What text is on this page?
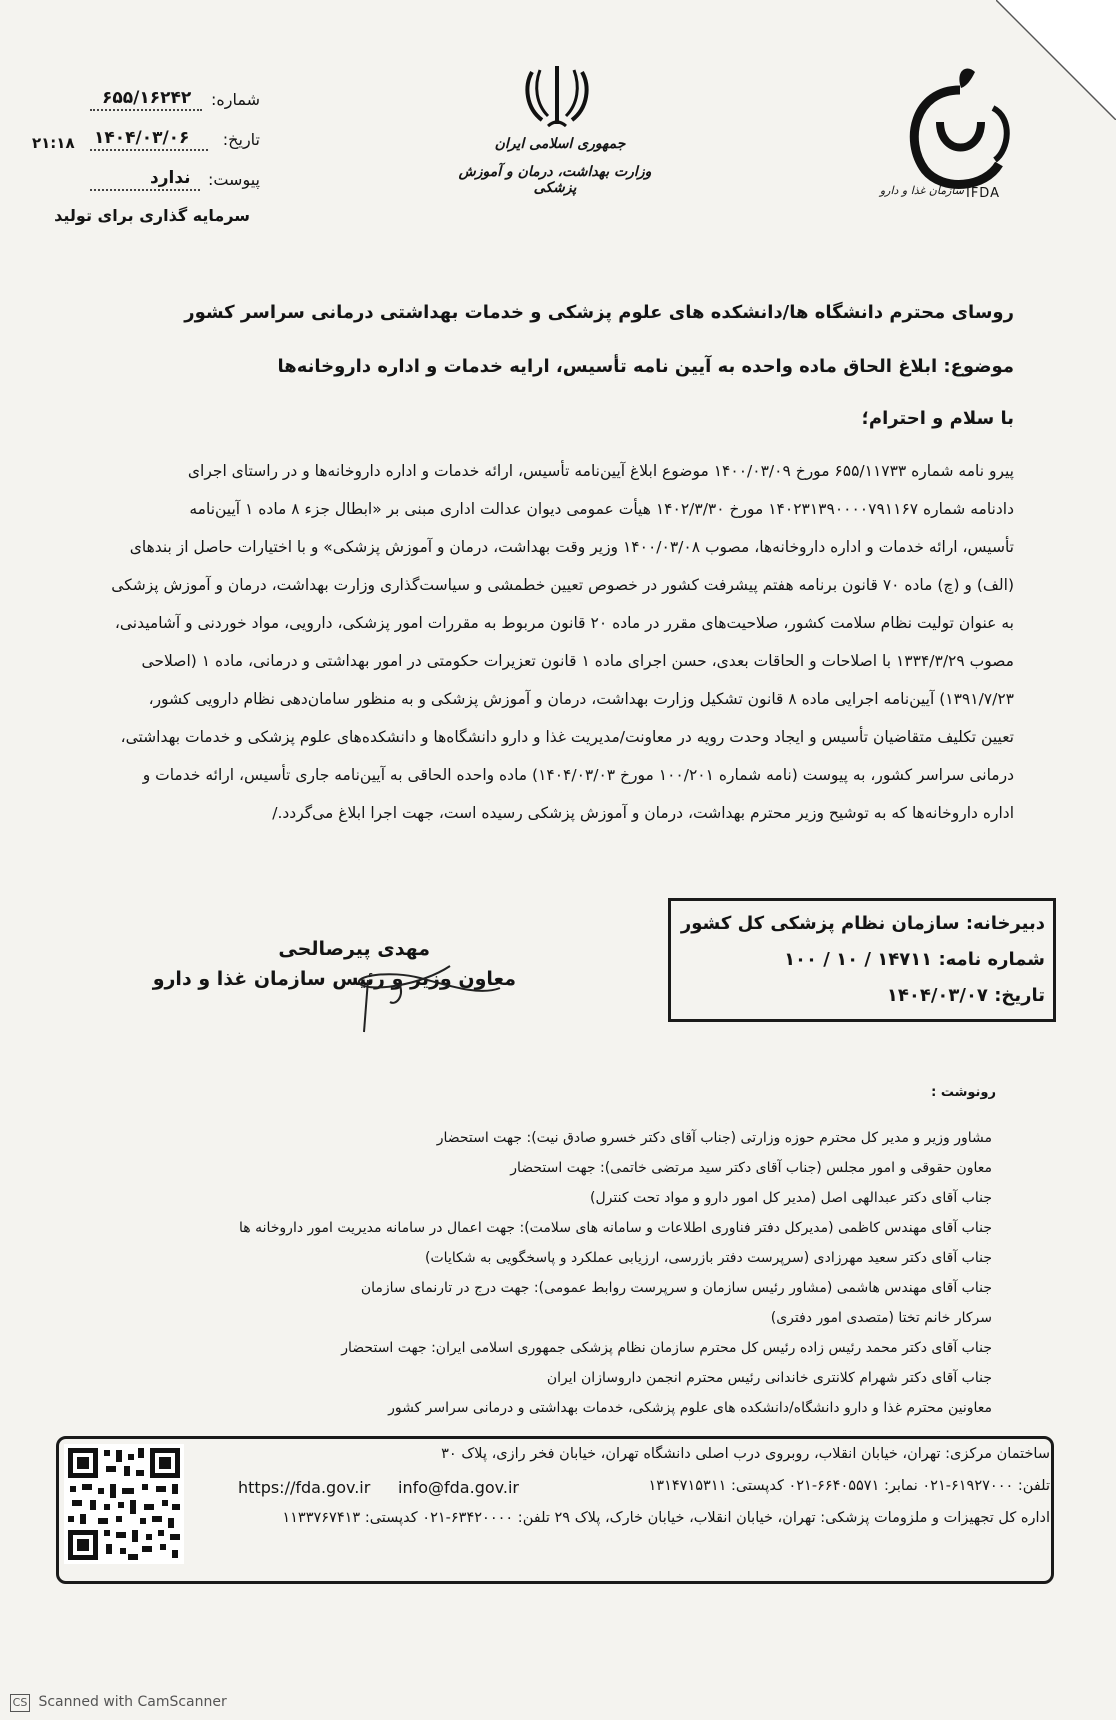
شماره:
۶۵۵/۱۶۲۴۲
تاریخ:
۱۴۰۴/۰۳/۰۶
۲۱:۱۸
پیوست:
ندارد
سرمایه گذاری برای تولید
جمهوری اسلامی ایران
وزارت بهداشت، درمان و آموزش پزشکی	سازمان غذا و دارو IFDA
روسای محترم دانشگاه ها/دانشکده های علوم پزشکی و خدمات بهداشتی درمانی سراسر کشور
موضوع: ابلاغ الحاق ماده واحده به آیین نامه تأسیس، ارایه خدمات و اداره داروخانه‌ها
با سلام و احترام؛
پیرو نامه شماره ۶۵۵/۱۱۷۳۳ مورخ ۱۴۰۰/۰۳/۰۹ موضوع ابلاغ آیین‌نامه تأسیس، ارائه خدمات و اداره داروخانه‌ها و در راستای اجرای
دادنامه شماره ۱۴۰۲۳۱۳۹۰۰۰۰۷۹۱۱۶۷ مورخ ۱۴۰۲/۳/۳۰ هیأت عمومی دیوان عدالت اداری مبنی بر «ابطال جزء ۸ ماده ۱ آیین‌نامه
تأسیس، ارائه خدمات و اداره داروخانه‌ها، مصوب ۱۴۰۰/۰۳/۰۸ وزیر وقت بهداشت، درمان و آموزش پزشکی» و با اختیارات حاصل از بندهای
(الف) و (چ) ماده ۷۰ قانون برنامه هفتم پیشرفت کشور در خصوص تعیین خطمشی و سیاست‌گذاری وزارت بهداشت، درمان و آموزش پزشکی
به عنوان تولیت نظام سلامت کشور، صلاحیت‌های مقرر در ماده ۲۰ قانون مربوط به مقررات امور پزشکی، دارویی، مواد خوردنی و آشامیدنی،
مصوب ۱۳۳۴/۳/۲۹ با اصلاحات و الحاقات بعدی، حسن اجرای ماده ۱ قانون تعزیرات حکومتی در امور بهداشتی و درمانی، ماده ۱ (اصلاحی
۱۳۹۱/۷/۲۳) آیین‌نامه اجرایی ماده ۸ قانون تشکیل وزارت بهداشت، درمان و آموزش پزشکی و به منظور سامان‌دهی نظام دارویی کشور،
تعیین تکلیف متقاضیان تأسیس و ایجاد وحدت رویه در معاونت/مدیریت غذا و دارو دانشگاه‌ها و دانشکده‌های علوم پزشکی و خدمات بهداشتی،
درمانی سراسر کشور، به پیوست (نامه شماره ۱۰۰/۲۰۱ مورخ ۱۴۰۴/۰۳/۰۳) ماده واحده الحاقی به آیین‌نامه جاری تأسیس، ارائه خدمات و
اداره داروخانه‌ها که به توشیح وزیر محترم بهداشت، درمان و آموزش پزشکی رسیده است، جهت اجرا ابلاغ می‌گردد./
مهدی پیرصالحی
معاون وزیر و رئیس سازمان غذا و دارو
دبیرخانه: سازمان نظام پزشکی کل کشور
شماره نامه: ۱۴۷۱۱ / ۱۰ / ۱۰۰
تاریخ: ۱۴۰۴/۰۳/۰۷
رونوشت :
مشاور وزیر و مدیر کل محترم حوزه وزارتی (جناب آقای دکتر خسرو صادق نیت): جهت استحضار
معاون حقوقی و امور مجلس (جناب آقای دکتر سید مرتضی خاتمی): جهت استحضار
جناب آقای دکتر عبدالهی اصل (مدیر کل امور دارو و مواد تحت کنترل)
جناب آقای مهندس کاظمی (مدیرکل دفتر فناوری اطلاعات و سامانه های سلامت): جهت اعمال در سامانه مدیریت امور داروخانه ها
جناب آقای دکتر سعید مهرزادی (سرپرست دفتر بازرسی، ارزیابی عملکرد و پاسخگویی به شکایات)
جناب آقای مهندس هاشمی (مشاور رئیس سازمان و سرپرست روابط عمومی): جهت درج در تارنمای سازمان
سرکار خانم تختا (متصدی امور دفتری)
جناب آقای دکتر محمد رئیس زاده رئیس کل محترم سازمان نظام پزشکی جمهوری اسلامی ایران: جهت استحضار
جناب آقای دکتر شهرام کلانتری خاندانی رئیس محترم انجمن داروسازان ایران
معاونین محترم غذا و دارو دانشگاه/دانشکده های علوم پزشکی، خدمات بهداشتی و درمانی سراسر کشور
ساختمان مرکزی: تهران، خیابان انقلاب، روبروی درب اصلی دانشگاه تهران، خیابان فخر رازی، پلاک ۳۰
تلفن: ۶۱۹۲۷۰۰۰-۰۲۱ نمابر: ۶۶۴۰۵۵۷۱-۰۲۱ کدپستی: ۱۳۱۴۷۱۵۳۱۱
info@fda.gov.ir
https://fda.gov.ir
اداره کل تجهیزات و ملزومات پزشکی: تهران، خیابان انقلاب، خیابان خارک، پلاک ۲۹ تلفن: ۶۳۴۲۰۰۰۰-۰۲۱ کدپستی: ۱۱۳۳۷۶۷۴۱۳
CS Scanned with CamScanner
